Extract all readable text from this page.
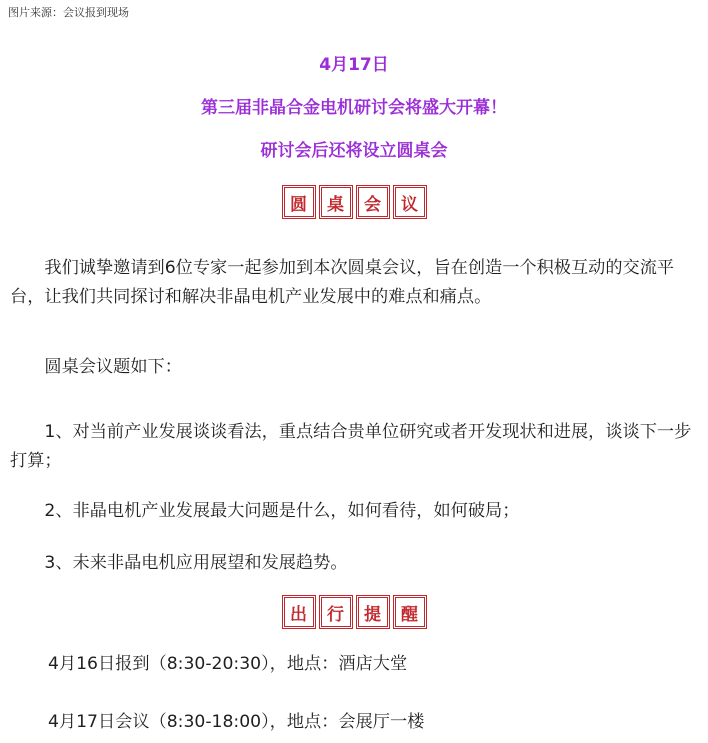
图片来源：会议报到现场
4月17日
第三届非晶合金电机研讨会将盛大开幕！
研讨会后还将设立圆桌会
圆	桌	会	议
我们诚挚邀请到6位专家一起参加到本次圆桌会议，旨在创造一个积极互动的交流平台，让我们共同探讨和解决非晶电机产业发展中的难点和痛点。
圆桌会议题如下：
1、对当前产业发展谈谈看法，重点结合贵单位研究或者开发现状和进展，谈谈下一步打算；
2、非晶电机产业发展最大问题是什么，如何看待，如何破局；
3、未来非晶电机应用展望和发展趋势。
出	行	提	醒
4月16日报到（8:30-20:30），地点：酒店大堂
4月17日会议（8:30-18:00），地点：会展厅一楼
